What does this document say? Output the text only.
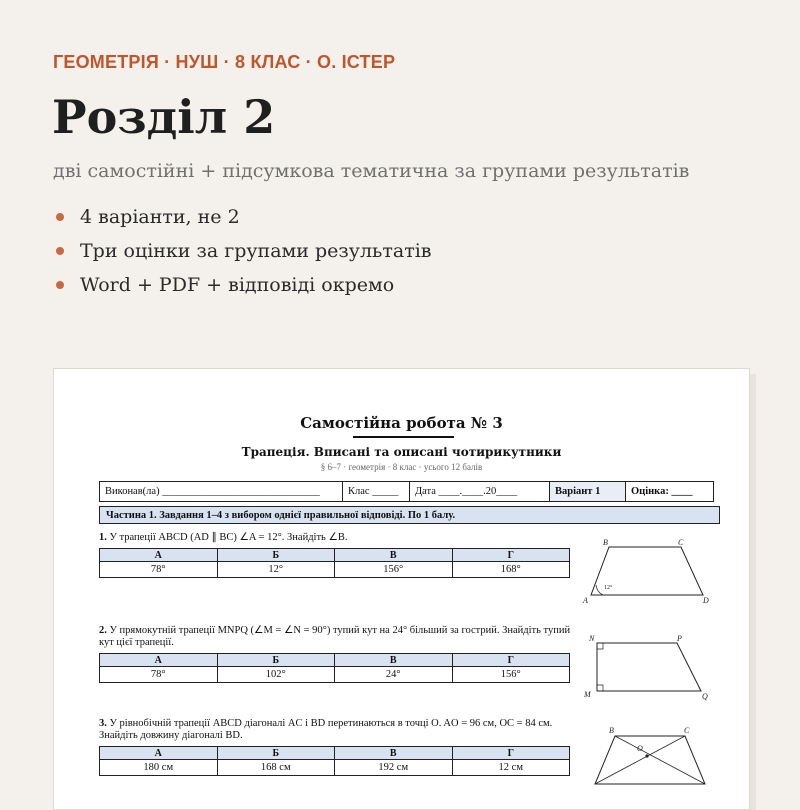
ГЕОМЕТРІЯ · НУШ · 8 КЛАС · О. ІСТЕР
Розділ 2
дві самостійні + підсумкова тематична за групами результатів
4 варіанти, не 2
Три оцінки за групами результатів
Word + PDF + відповіді окремо
Самостійна робота № 3
Трапеція. Вписані та описані чотирикутники
§ 6–7 · геометрія · 8 клас · усього 12 балів
Виконав(ла) ______________________________	Клас _____	Дата ____.____.20____	Варіант 1	Оцінка: ____
Частина 1. Завдання 1–4 з вибором однієї правильної відповіді. По 1 балу.
1. У трапеції ABCD (AD ∥ BC) ∠A = 12°. Знайдіть ∠B.
А	Б	В	Г
78°	12°	156°	168°
B	C
A	D
12°
2. У прямокутній трапеції MNPQ (∠M = ∠N = 90°) тупий кут на 24° більший за гострий. Знайдіть тупий кут цієї трапеції.
А	Б	В	Г
78°	102°	24°	156°
N	P
M	Q
3. У рівнобічній трапеції ABCD діагоналі AC і BD перетинаються в точці O. AO = 96 см, OC = 84 см. Знайдіть довжину діагоналі BD.
А	Б	В	Г
180 см	168 см	192 см	12 см
B	C
O
